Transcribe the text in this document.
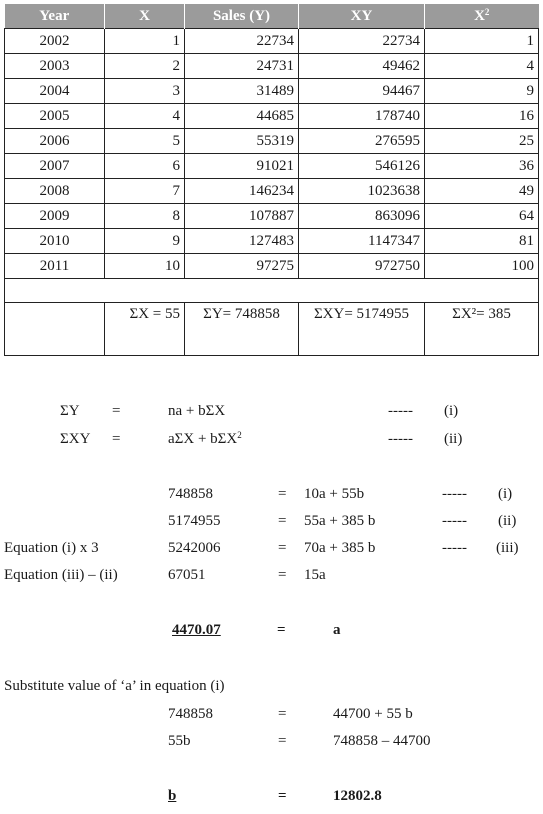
Year	X	Sales (Y)	XY	$X^2$
2002	1	22734	22734	1
2003	2	24731	49462	4
2004	3	31489	94467	9
2005	4	44685	178740	16
2006	5	55319	276595	25
2007	6	91021	546126	36
2008	7	146234	1023638	49
2009	8	107887	863096	64
2010	9	127483	1147347	81
2011	10	97275	972750	100

	ΣX = 55	ΣY= 748858	ΣXY= 5174955	ΣX²= 385
ΣY =	na + bΣX	----- (i)
ΣXY =	aΣX + bΣX$^2$	----- (ii)
748858	= 10a + 55b	----- (i)
5174955	= 55a + 385 b	----- (ii)
Equation (i) x 3	5242006	= 70a + 385 b	----- (iii)
Equation (iii) – (ii)	67051	= 15a
4470.07	=	a
Substitute value of ‘a’ in equation (i)
748858	=	44700 + 55 b
55b	=	748858 – 44700
b	=	12802.8
